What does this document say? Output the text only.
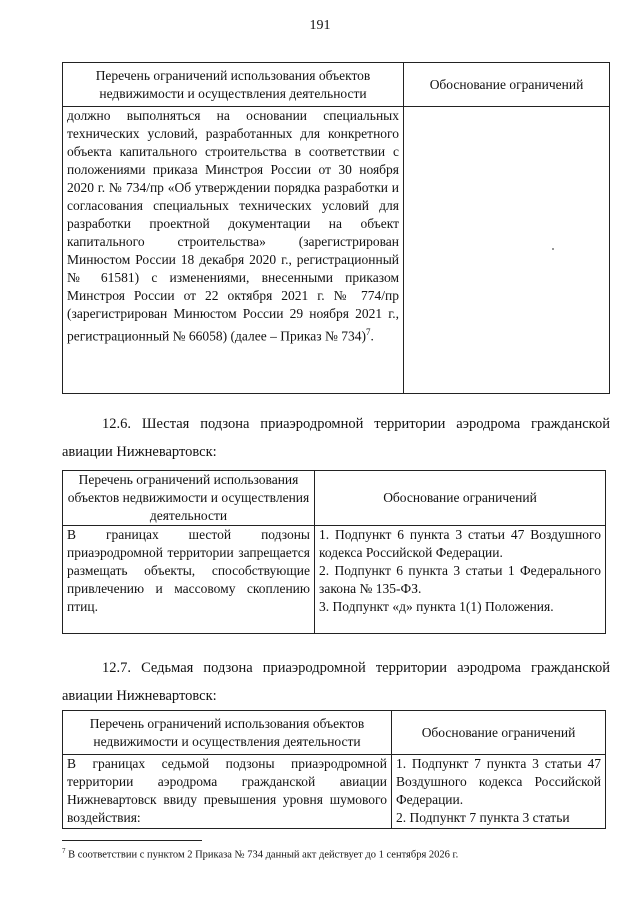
191
Перечень ограничений использования объектов недвижимости и осуществления деятельности	Обоснование ограничений
должно выполняться на основании специальных технических условий, разработанных для конкретного объекта капитального строительства в соответствии с положениями приказа Минстроя России от 30 ноября 2020 г. № 734/пр «Об утверждении порядка разработки и согласования специальных технических условий для разработки проектной документации на объект капитального строительства» (зарегистрирован Минюстом России 18 декабря 2020 г., регистрационный № 61581) с изменениями, внесенными приказом Минстроя России от 22 октября 2021 г. № 774/пр (зарегистрирован Минюстом России 29 ноября 2021 г., регистрационный № 66058) (далее – Приказ № 734)$^7$.	
12.6. Шестая подзона приаэродромной территории аэродрома гражданской авиации Нижневартовск:
Перечень ограничений использования объектов недвижимости и осуществления деятельности	Обоснование ограничений
В границах шестой подзоны приаэродромной территории запрещается размещать объекты, способствующие привлечению и массовому скоплению птиц.	1. Подпункт 6 пункта 3 статьи 47 Воздушного кодекса Российской Федерации.
2. Подпункт 6 пункта 3 статьи 1 Федерального закона № 135-ФЗ.
3. Подпункт «д» пункта 1(1) Положения.
12.7. Седьмая подзона приаэродромной территории аэродрома гражданской авиации Нижневартовск:
Перечень ограничений использования объектов недвижимости и осуществления деятельности	Обоснование ограничений
В границах седьмой подзоны приаэродромной территории аэродрома гражданской авиации Нижневартовск ввиду превышения уровня шумового воздействия:	1. Подпункт 7 пункта 3 статьи 47 Воздушного кодекса Российской Федерации.
2. Подпункт 7 пункта 3 статьи
$^7$ В соответствии с пунктом 2 Приказа № 734 данный акт действует до 1 сентября 2026 г.
